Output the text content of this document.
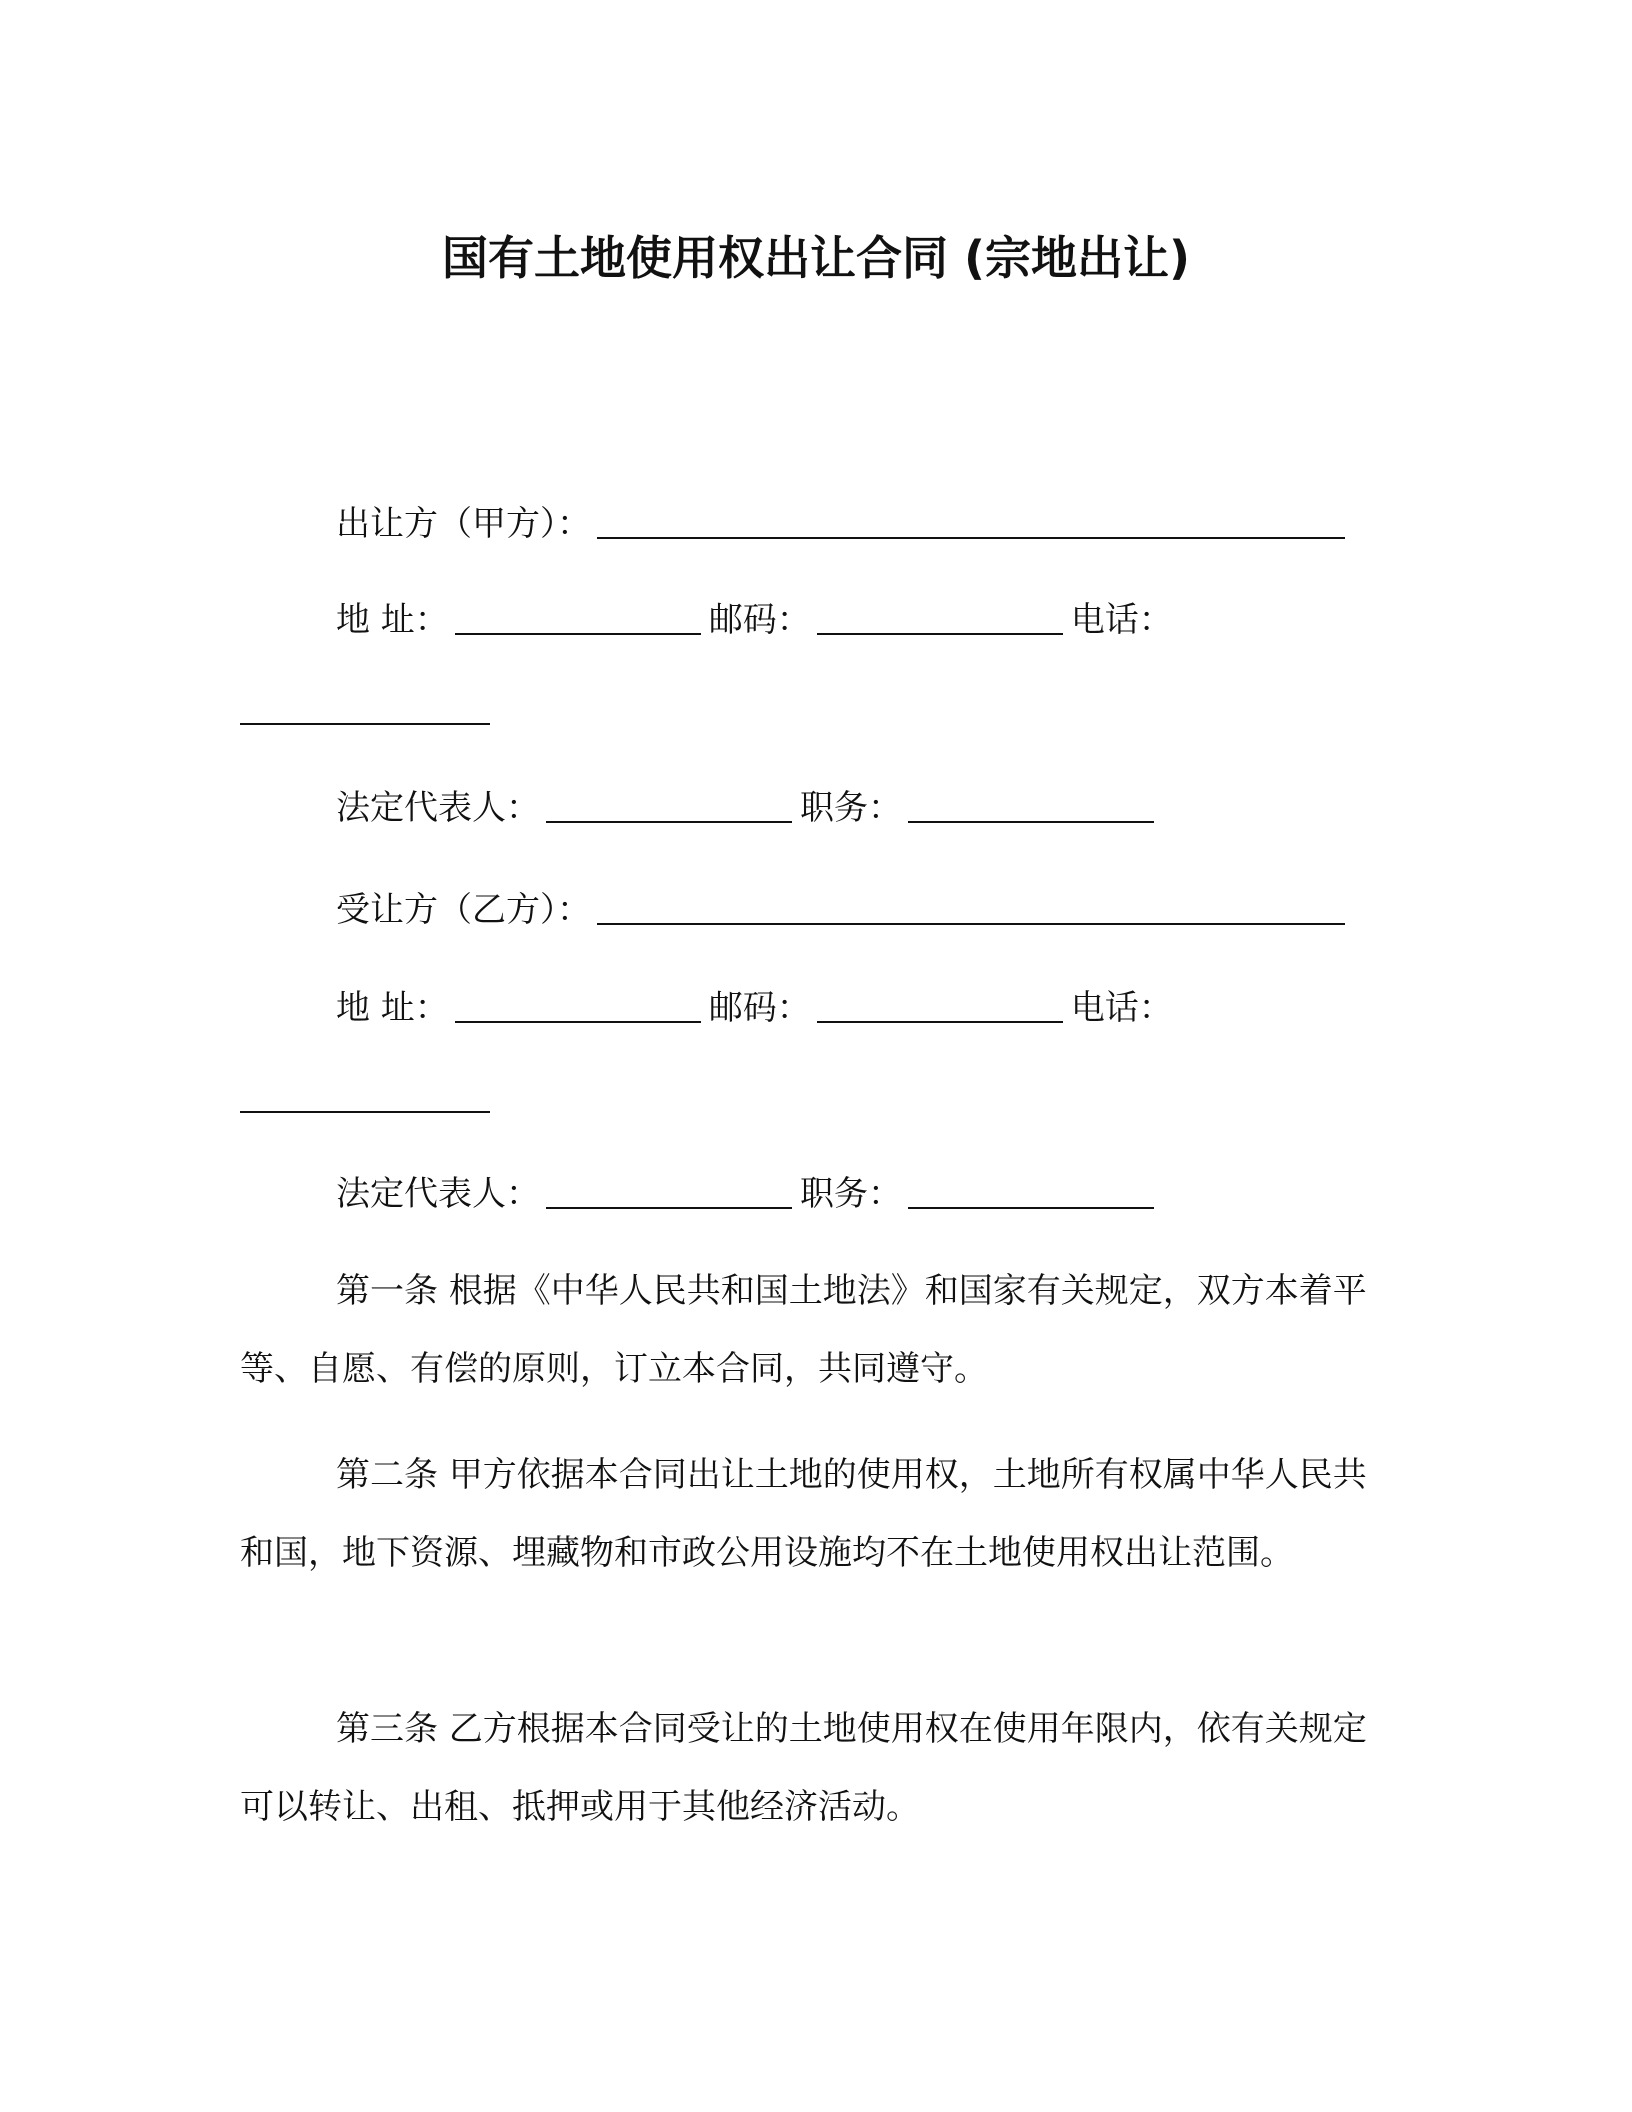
国有土地使用权出让合同 (宗地出让)
出让方（甲方）：
地 址：	邮码：	电话：
法定代表人：	职务：
受让方（乙方）：
地 址：	邮码：	电话：
法定代表人：	职务：

第一条 根据《中华人民共和国土地法》和国家有关规定，双方本着平等、自愿、有偿的原则，订立本合同，共同遵守。

第二条 甲方依据本合同出让土地的使用权，土地所有权属中华人民共和国，地下资源、埋藏物和市政公用设施均不在土地使用权出让范围。

第三条 乙方根据本合同受让的土地使用权在使用年限内，依有关规定可以转让、出租、抵押或用于其他经济活动。
